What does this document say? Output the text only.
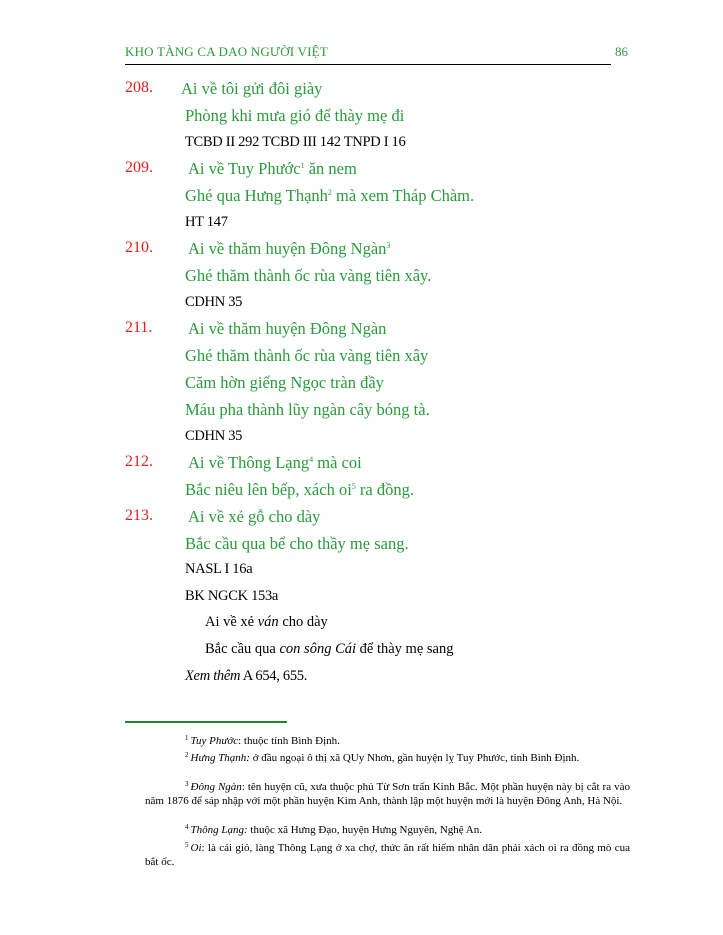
KHO TÀNG CA DAO NGƯỜI VIỆT	86
208. Ai về tôi gửi đôi giày
Phòng khi mưa gió để thày mẹ đi
TCBD II 292 TCBD III 142 TNPD I 16
209. Ai về Tuy Phước$^1$ ăn nem
Ghé qua Hưng Thạnh$^2$ mà xem Tháp Chàm.
HT 147
210. Ai về thăm huyện Đông Ngàn$^3$
Ghé thăm thành ốc rùa vàng tiên xây.
CDHN 35
211. Ai về thăm huyện Đông Ngàn
Ghé thăm thành ốc rùa vàng tiên xây
Căm hờn giếng Ngọc tràn đầy
Máu pha thành lũy ngàn cây bóng tà.
CDHN 35
212. Ai về Thông Lạng$^4$ mà coi
Bắc niêu lên bếp, xách $oi^5$ ra đồng.
213. Ai về xẻ gỗ cho dày
Bắc cầu qua bể cho thầy mẹ sang.
NASL I 16a
BK NGCK 153a
Ai về xẻ ván cho dày
Bắc cầu qua con sông Cái để thày mẹ sang
Xem thêm A 654, 655.
$^1$ Tuy Phước: thuộc tỉnh Bình Định.
$^2$ Hưng Thạnh: ở đầu ngoại ô thị xã QUy Nhơn, gần huyện lỵ Tuy Phước, tỉnh Bình Định.
$^3$ Đông Ngàn: tên huyện cũ, xưa thuộc phủ Từ Sơn trấn Kinh Bắc. Một phần huyện này bị cắt ra vào năm 1876 để sáp nhập với một phần huyện Kim Anh, thành lập một huyện mới là huyện Đông Anh, Hà Nội.
$^4$ Thông Lạng: thuộc xã Hưng Đạo, huyện Hưng Nguyên, Nghệ An.
$^5$ Oi: là cái giỏ, làng Thông Lạng ở xa chợ, thức ăn rất hiếm nhân dân phải xách oi ra đồng mò cua bắt ốc.
